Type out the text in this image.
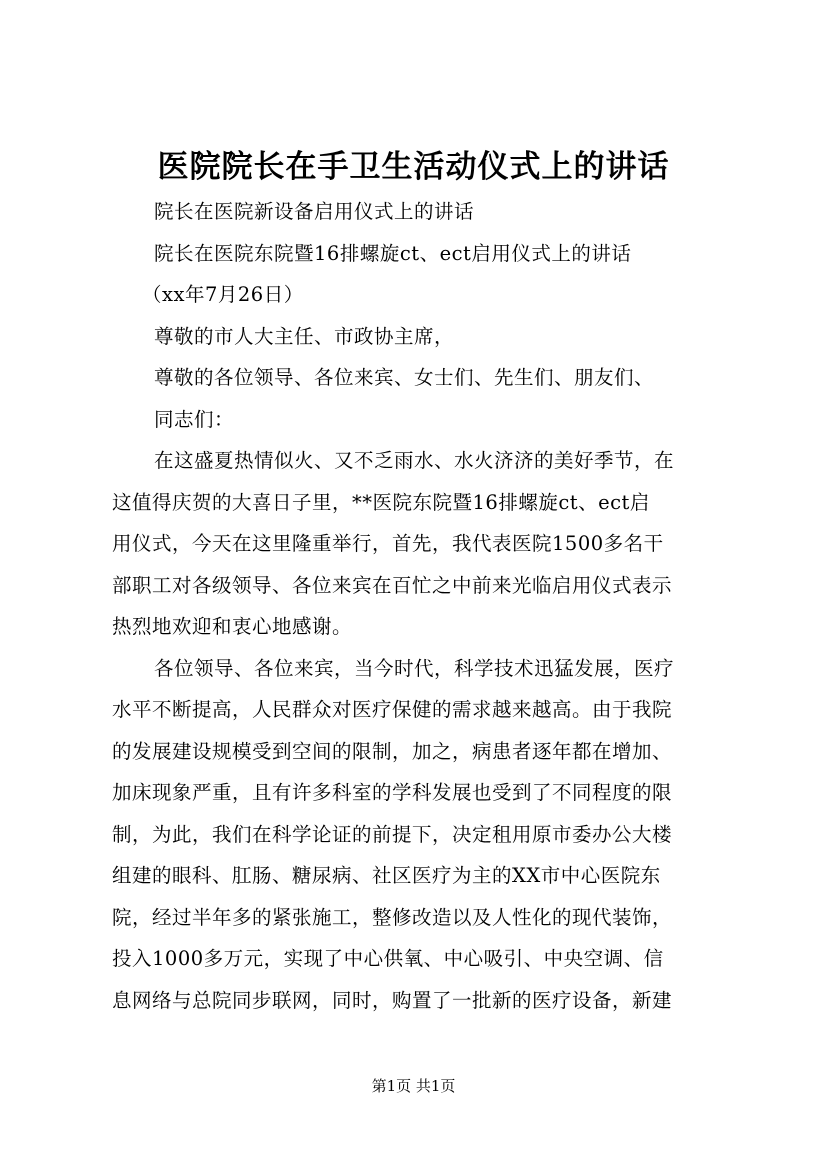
医院院长在手卫生活动仪式上的讲话
院长在医院新设备启用仪式上的讲话
院长在医院东院暨16排螺旋ct、ect启用仪式上的讲话
（xx年7月26日）
尊敬的市人大主任、市政协主席，
尊敬的各位领导、各位来宾、女士们、先生们、朋友们、
同志们：
在这盛夏热情似火、又不乏雨水、水火济济的美好季节，在
这值得庆贺的大喜日子里，**医院东院暨16排螺旋ct、ect启
用仪式，今天在这里隆重举行，首先，我代表医院1500多名干
部职工对各级领导、各位来宾在百忙之中前来光临启用仪式表示
热烈地欢迎和衷心地感谢。
各位领导、各位来宾，当今时代，科学技术迅猛发展，医疗
水平不断提高，人民群众对医疗保健的需求越来越高。由于我院
的发展建设规模受到空间的限制，加之，病患者逐年都在增加、
加床现象严重，且有许多科室的学科发展也受到了不同程度的限
制，为此，我们在科学论证的前提下，决定租用原市委办公大楼
组建的眼科、肛肠、糖尿病、社区医疗为主的XX市中心医院东
院，经过半年多的紧张施工，整修改造以及人性化的现代装饰，
投入1000多万元，实现了中心供氧、中心吸引、中央空调、信
息网络与总院同步联网，同时，购置了一批新的医疗设备，新建
第1页 共1页
